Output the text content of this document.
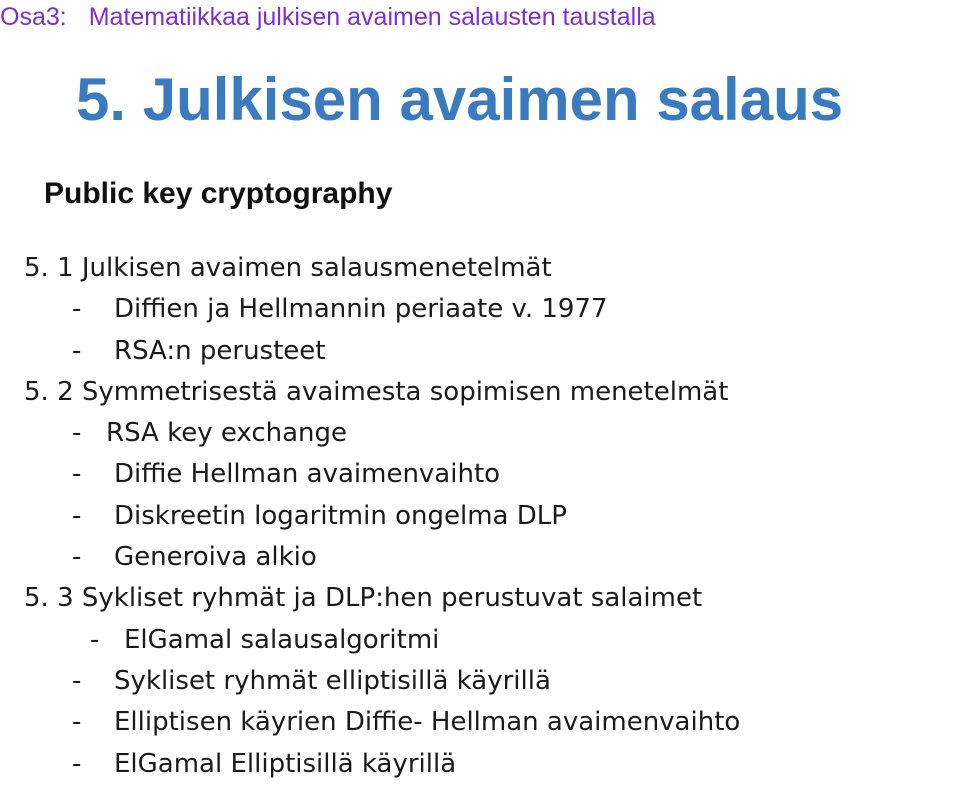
Osa3: Matematiikkaa julkisen avaimen salausten taustalla
5. Julkisen avaimen salaus
Public key cryptography
5. 1 Julkisen avaimen salausmenetelmät
- Diffien ja Hellmannin periaate v. 1977
- RSA:n perusteet
5. 2 Symmetrisestä avaimesta sopimisen menetelmät
- RSA key exchange
- Diffie Hellman avaimenvaihto
- Diskreetin logaritmin ongelma DLP
- Generoiva alkio
5. 3 Sykliset ryhmät ja DLP:hen perustuvat salaimet
- ElGamal salausalgoritmi
- Sykliset ryhmät elliptisillä käyrillä
- Elliptisen käyrien Diffie- Hellman avaimenvaihto
- ElGamal Elliptisillä käyrillä
